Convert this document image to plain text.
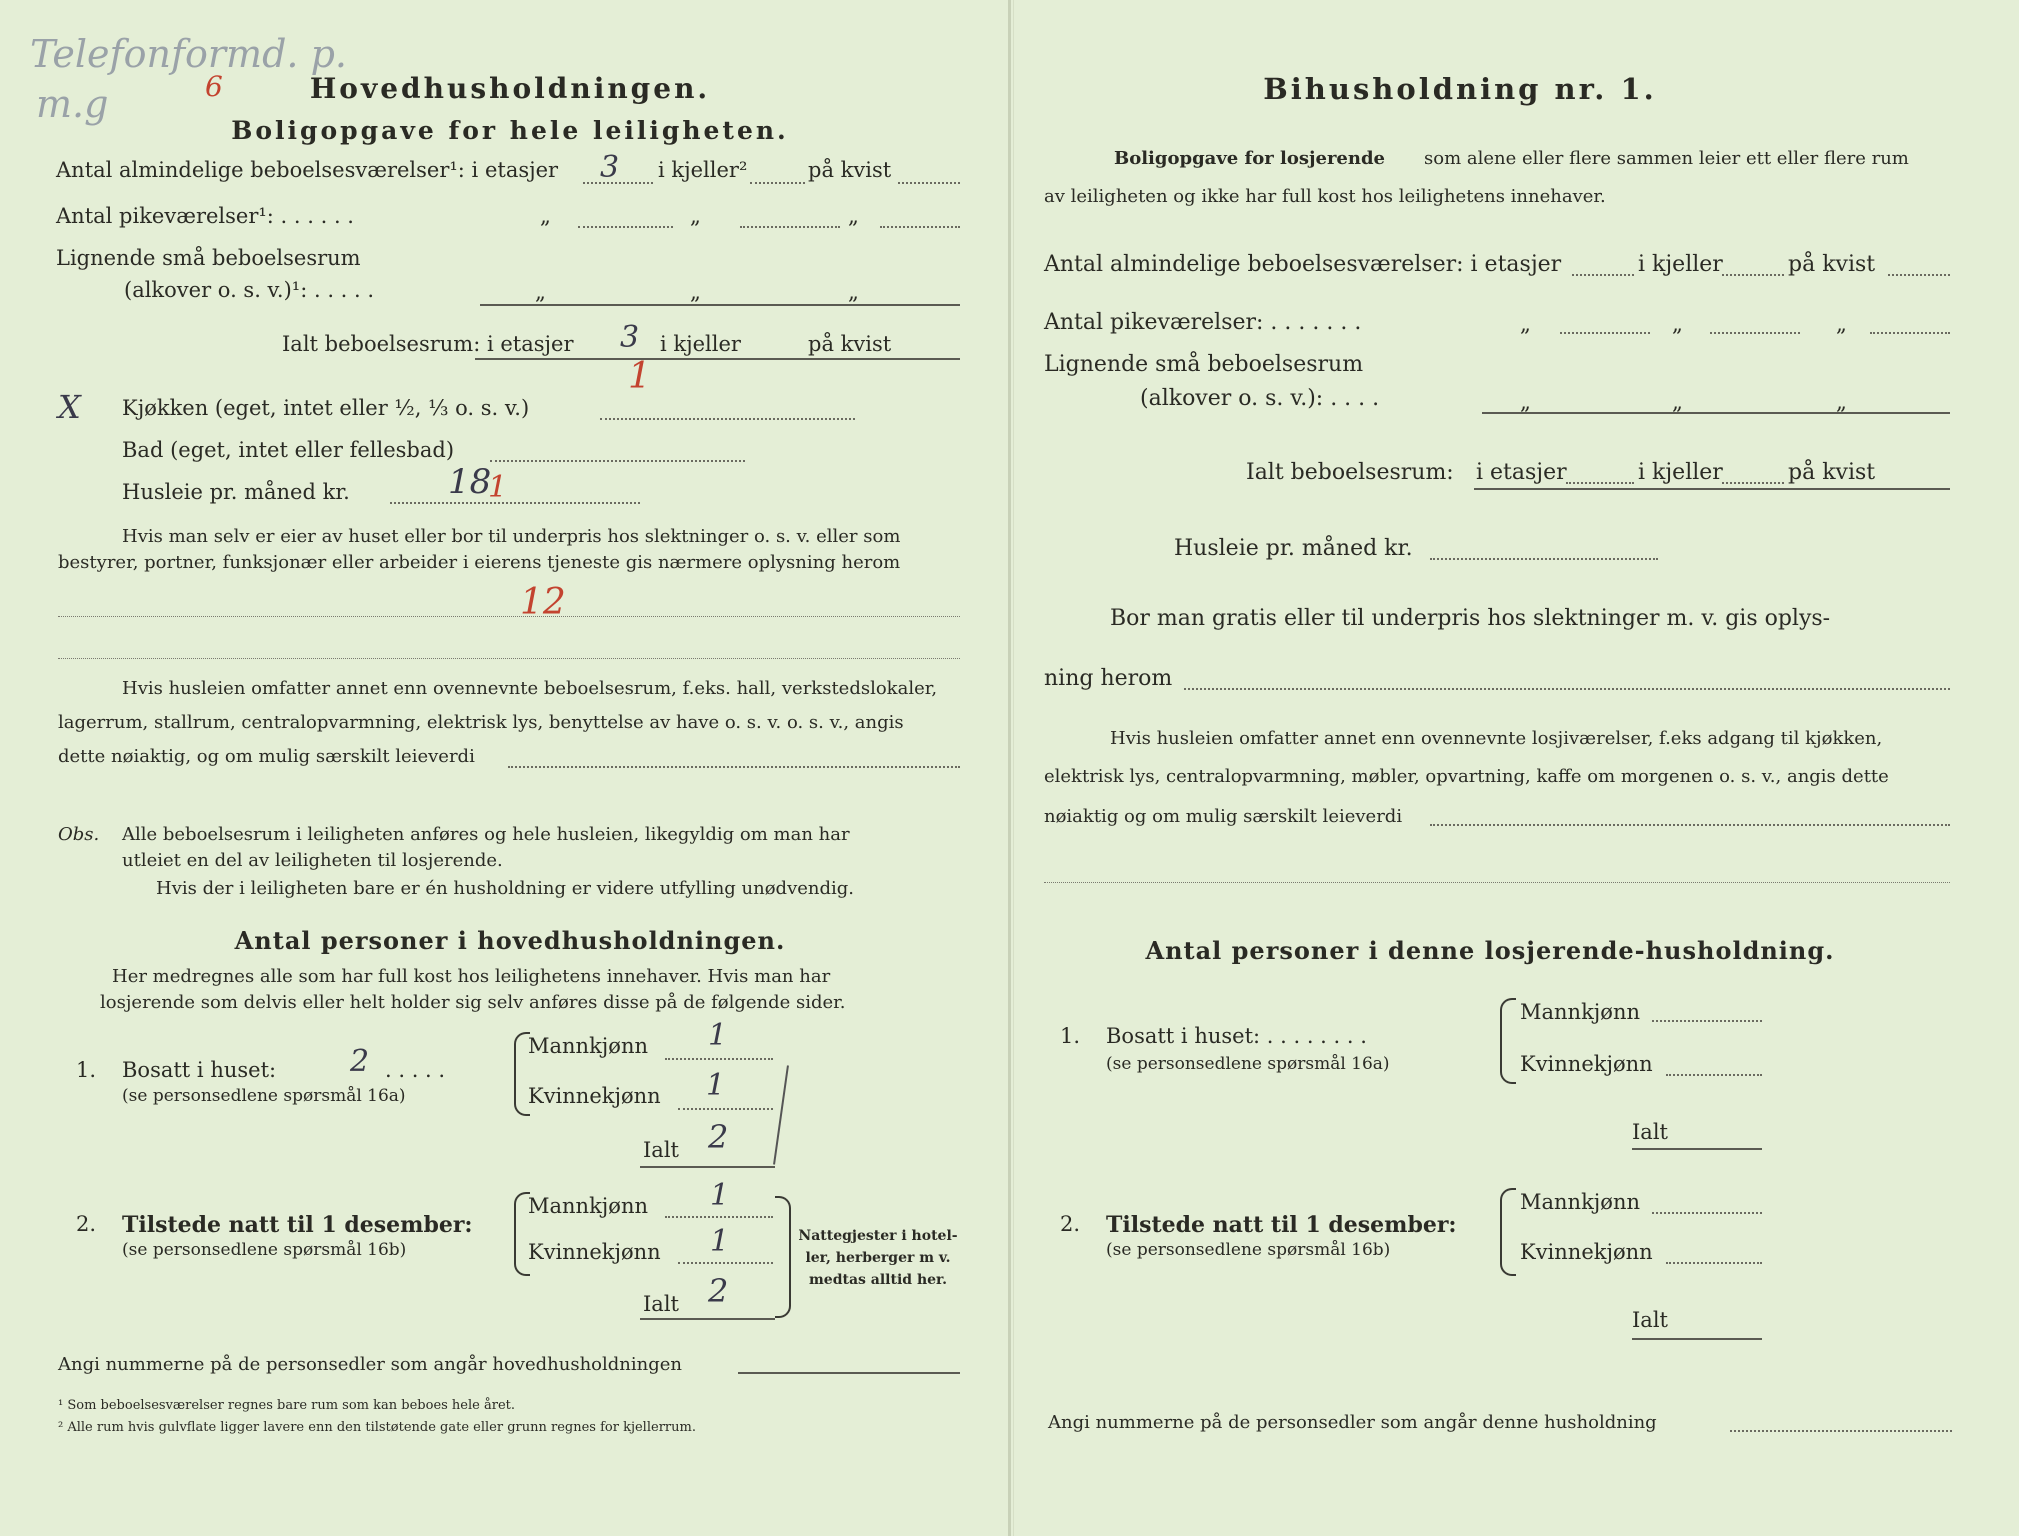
Telefonformd. p.
m.g	6	Hovedhusholdningen.
Boligopgave for hele leiligheten.
Antal almindelige beboelsesværelser¹: i etasjer 3 i kjeller²	på kvist
Antal pikeværelser¹: . . . . . .	„	„	„
Lignende små beboelsesrum
(alkover o. s. v.)¹: . . . . .	„	„	„
Ialt beboelsesrum: i etasjer 3 i kjeller	på kvist
1
X Kjøkken (eget, intet eller ½, ⅓ o. s. v.)
Bad (eget, intet eller fellesbad)
Husleie pr. måned kr.	18
1
Hvis man selv er eier av huset eller bor til underpris hos slektninger o. s. v. eller som
bestyrer, portner, funksjonær eller arbeider i eierens tjeneste gis nærmere oplysning herom
12
Hvis husleien omfatter annet enn ovennevnte beboelsesrum, f.eks. hall, verkstedslokaler,
lagerrum, stallrum, centralopvarmning, elektrisk lys, benyttelse av have o. s. v. o. s. v., angis
dette nøiaktig, og om mulig særskilt leieverdi
Obs. Alle beboelsesrum i leiligheten anføres og hele husleien, likegyldig om man har
utleiet en del av leiligheten til losjerende.
Hvis der i leiligheten bare er én husholdning er videre utfylling unødvendig.
Antal personer i hovedhusholdningen.
Her medregnes alle som har full kost hos leilighetens innehaver. Hvis man har
losjerende som delvis eller helt holder sig selv anføres disse på de følgende sider.
1. Bosatt i huset: 2 . . . . .
(se personsedlene spørsmål 16a)
Mannkjønn 1
Kvinnekjønn 1
Ialt 2
2. Tilstede natt til 1 desember:
(se personsedlene spørsmål 16b)
Mannkjønn 1
Kvinnekjønn 1
Ialt 2
Nattegjester i hotel-
ler, herberger m v.
medtas alltid her.
Angi nummerne på de personsedler som angår hovedhusholdningen
¹ Som beboelsesværelser regnes bare rum som kan beboes hele året.
² Alle rum hvis gulvflate ligger lavere enn den tilstøtende gate eller grunn regnes for kjellerrum.
Bihusholdning nr. 1.
Boligopgave for losjerende som alene eller flere sammen leier ett eller flere rum
av leiligheten og ikke har full kost hos leilighetens innehaver.
Antal almindelige beboelsesværelser: i etasjer	i kjeller	på kvist
Antal pikeværelser: . . . . . . .	„	„	„
Lignende små beboelsesrum
(alkover o. s. v.): . . . .	„	„	„
Ialt beboelsesrum: i etasjer	i kjeller	på kvist
Husleie pr. måned kr.
Bor man gratis eller til underpris hos slektninger m. v. gis oplys-
ning herom
Hvis husleien omfatter annet enn ovennevnte losjiværelser, f.eks adgang til kjøkken,
elektrisk lys, centralopvarmning, møbler, opvartning, kaffe om morgenen o. s. v., angis dette
nøiaktig og om mulig særskilt leieverdi
Antal personer i denne losjerende-husholdning.
1. Bosatt i huset: . . . . . . . .
(se personsedlene spørsmål 16a)
Mannkjønn
Kvinnekjønn
Ialt
2. Tilstede natt til 1 desember:
(se personsedlene spørsmål 16b)
Mannkjønn
Kvinnekjønn
Ialt
Angi nummerne på de personsedler som angår denne husholdning
